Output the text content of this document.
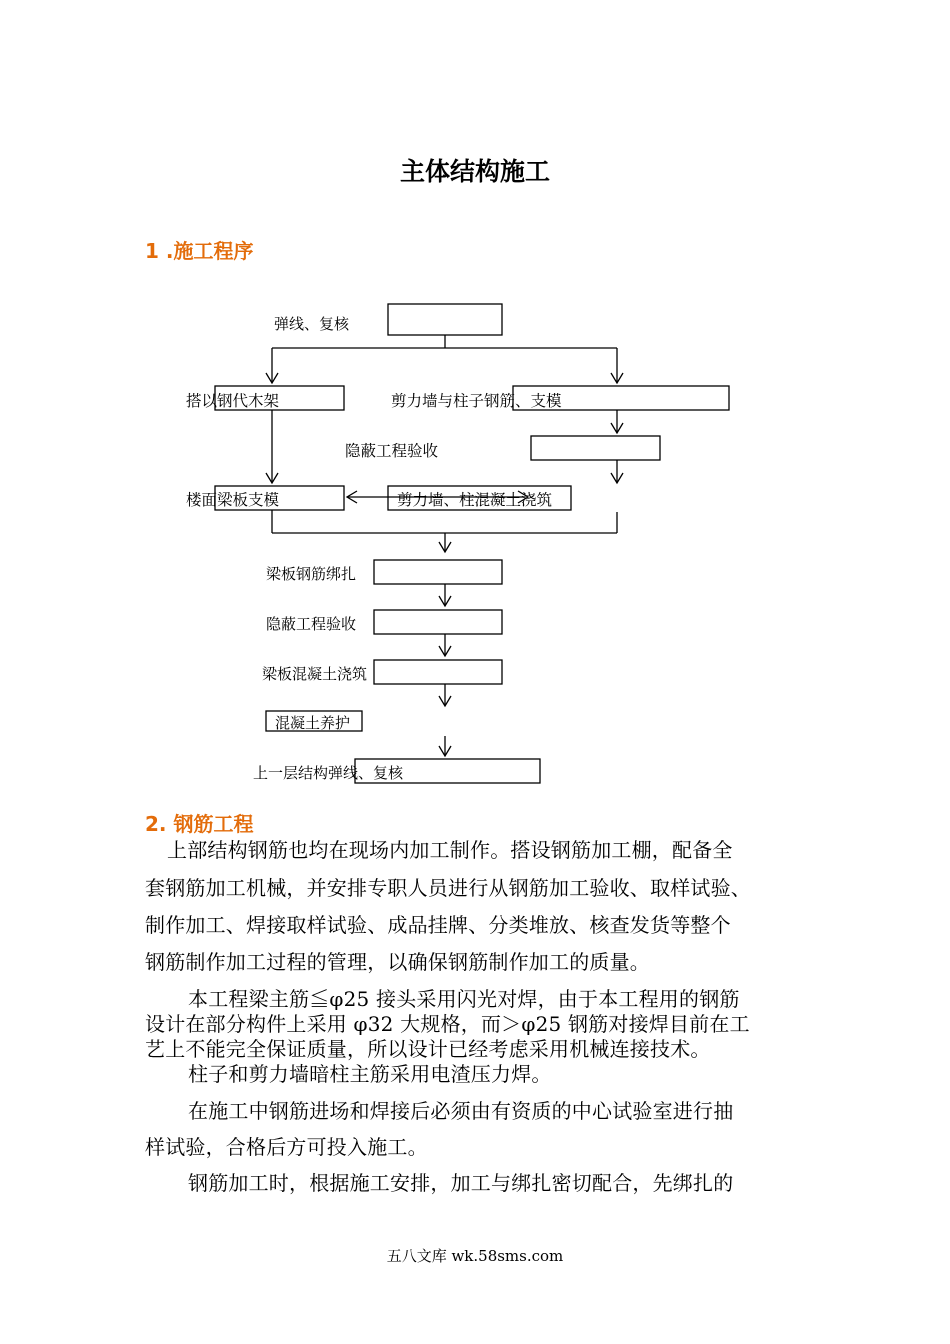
主体结构施工
1 .施工程序
弹线、复核
搭以钢代木架	剪力墙与柱子钢筋、支模
隐蔽工程验收
楼面梁板支模	剪力墙、柱混凝土浇筑
梁板钢筋绑扎
隐蔽工程验收
梁板混凝土浇筑
混凝土养护
上一层结构弹线、复核
2. 钢筋工程
上部结构钢筋也均在现场内加工制作。搭设钢筋加工棚，配备全
套钢筋加工机械，并安排专职人员进行从钢筋加工验收、取样试验、
制作加工、焊接取样试验、成品挂牌、分类堆放、核查发货等整个
钢筋制作加工过程的管理，以确保钢筋制作加工的质量。
本工程梁主筋≦φ25 接头采用闪光对焊，由于本工程用的钢筋
设计在部分构件上采用 φ32 大规格，而＞φ25 钢筋对接焊目前在工
艺上不能完全保证质量，所以设计已经考虑采用机械连接技术。
柱子和剪力墙暗柱主筋采用电渣压力焊。
在施工中钢筋进场和焊接后必须由有资质的中心试验室进行抽
样试验，合格后方可投入施工。
钢筋加工时，根据施工安排，加工与绑扎密切配合，先绑扎的
五八文库 wk.58sms.com
